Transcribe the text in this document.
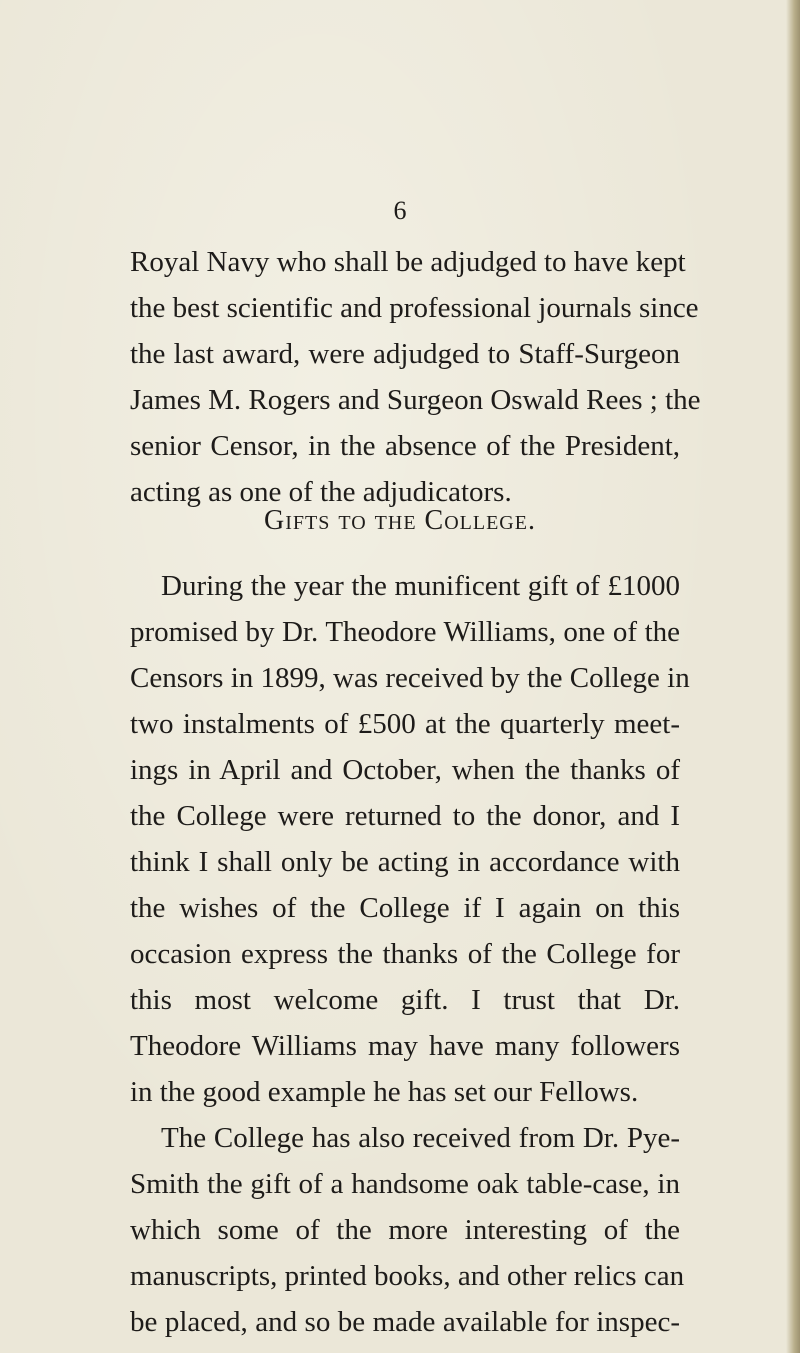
6
Royal Navy who shall be adjudged to have kept
the best scientific and professional journals since
the last award, were adjudged to Staff-Surgeon
James M. Rogers and Surgeon Oswald Rees ; the
senior Censor, in the absence of the President,
acting as one of the adjudicators.
Gifts to the College.
During the year the munificent gift of £1000
promised by Dr. Theodore Williams, one of the
Censors in 1899, was received by the College in
two instalments of £500 at the quarterly meet-
ings in April and October, when the thanks of
the College were returned to the donor, and I
think I shall only be acting in accordance with
the wishes of the College if I again on this
occasion express the thanks of the College for
this most welcome gift. I trust that Dr.
Theodore Williams may have many followers
in the good example he has set our Fellows.
The College has also received from Dr. Pye-
Smith the gift of a handsome oak table-case, in
which some of the more interesting of the
manuscripts, printed books, and other relics can
be placed, and so be made available for inspec-
